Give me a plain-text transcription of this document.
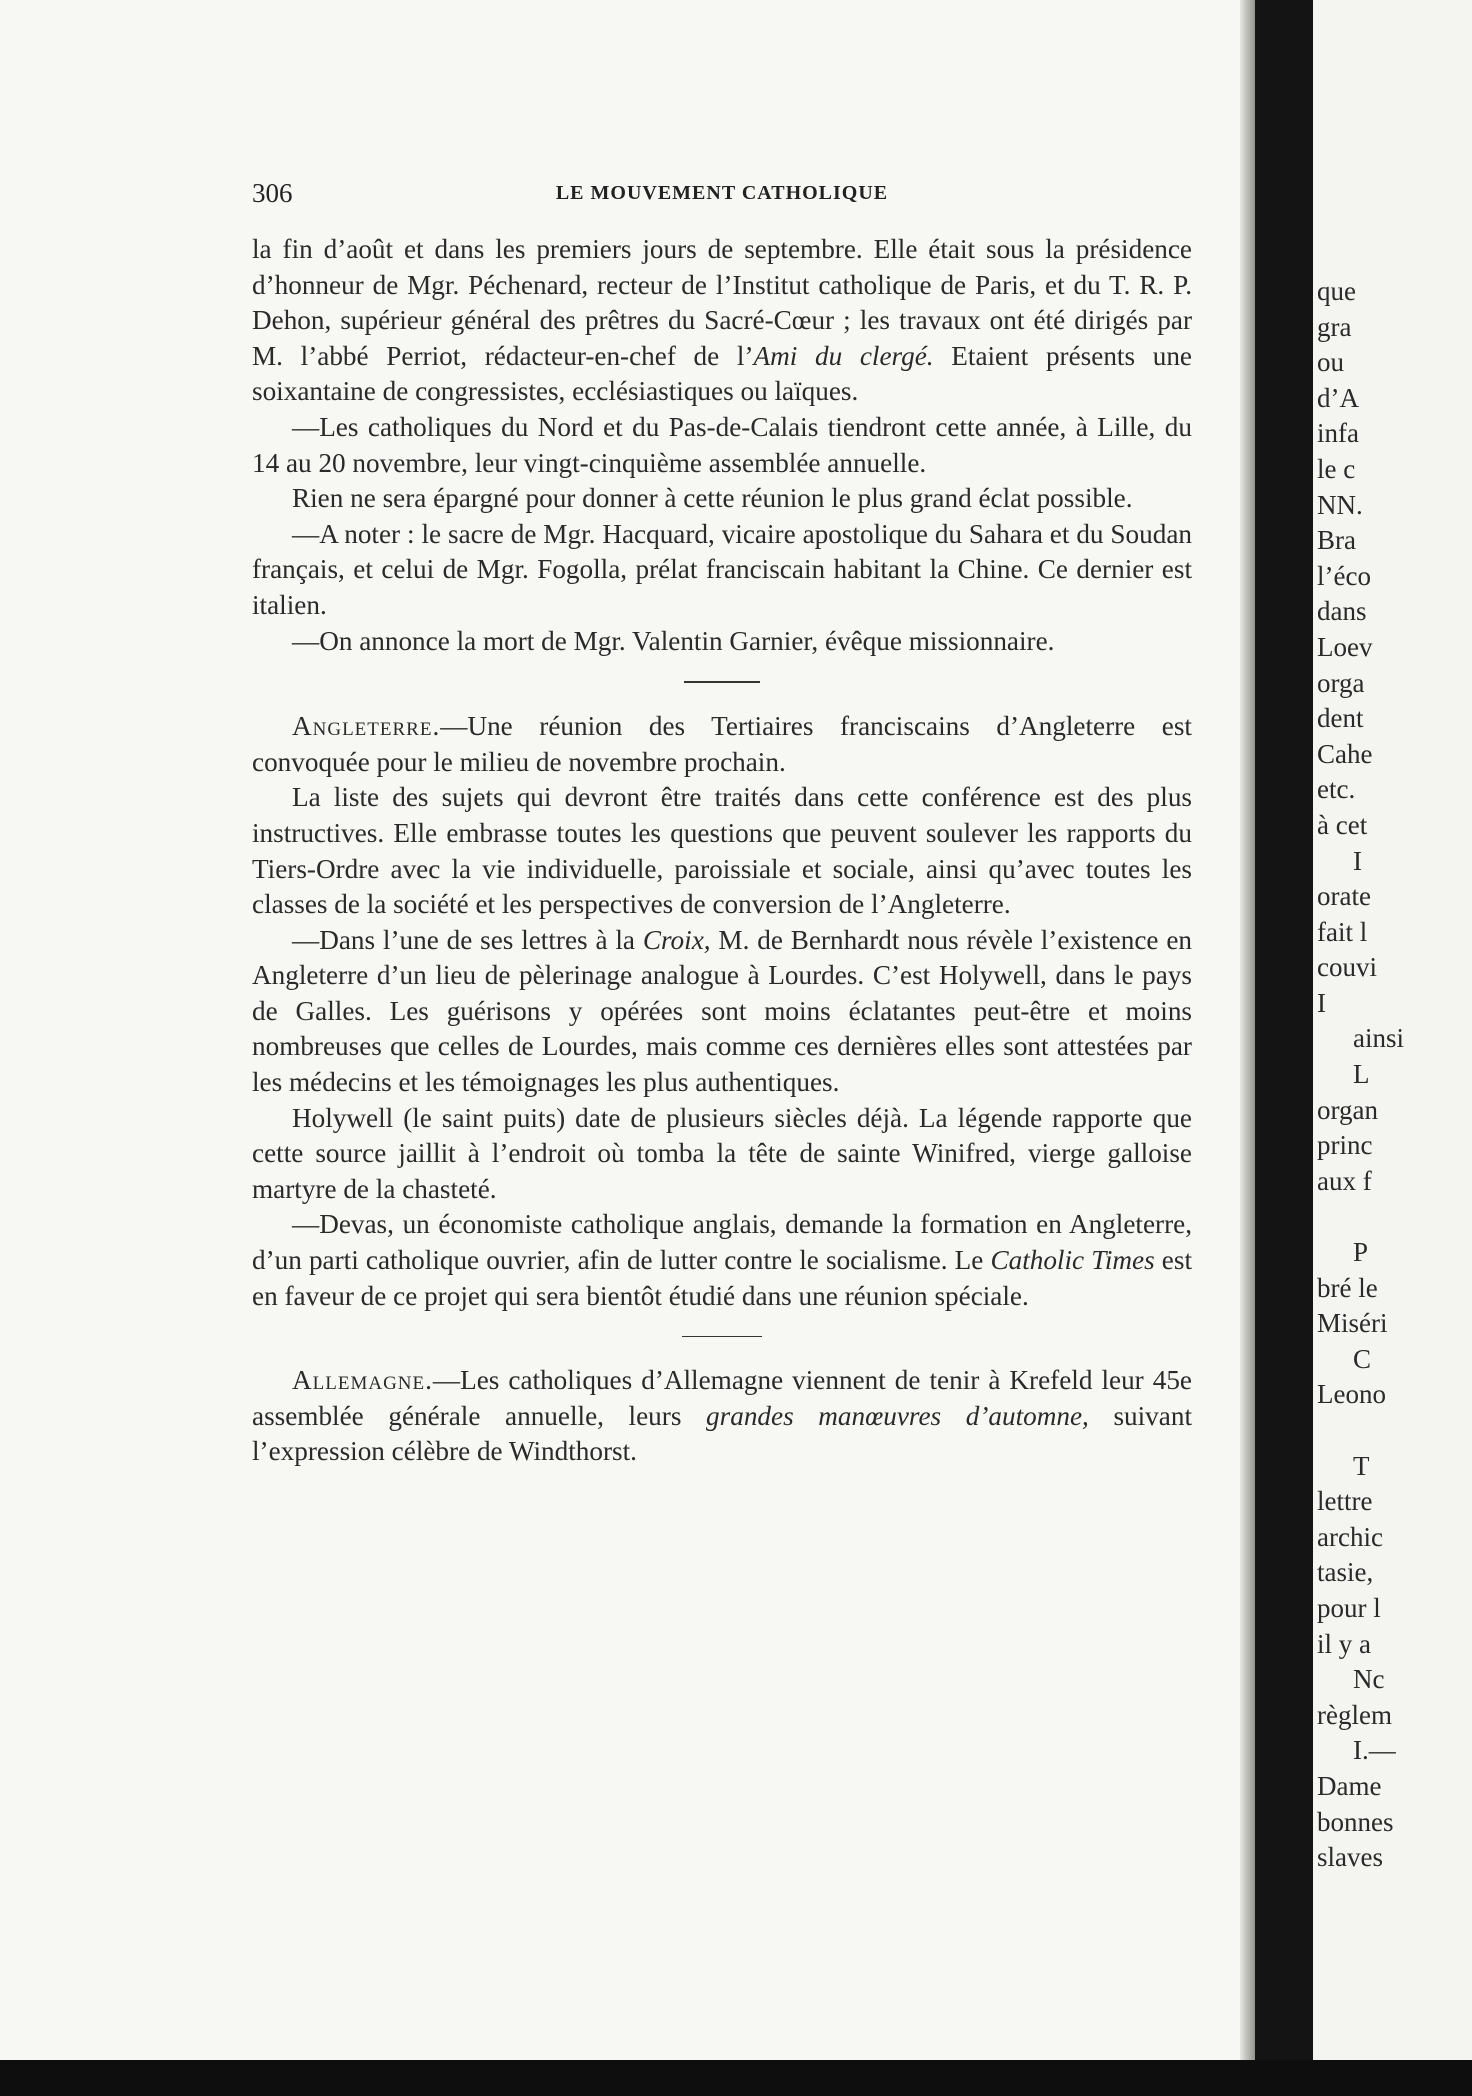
que
gra
ou
d’A
infa
le c
NN.
Bra
l’éco
dans
Loev
orga
dent
Cahe
etc.
à cet
I
orate
fait l
couvi
I
ainsi
L
organ
princ
aux f

P
bré le
Miséri
C
Leono

T
lettre
archic
tasie,
pour l
il y a
Nc
règlem
I.—
Dame
bonnes
slaves
306	LE MOUVEMENT CATHOLIQUE

la fin d’août et dans les premiers jours de septembre. Elle était sous la présidence d’honneur de Mgr. Péchenard, recteur de l’Institut catholique de Paris, et du T. R. P. Dehon, supérieur général des prêtres du Sacré-Cœur ; les travaux ont été dirigés par M. l’abbé Perriot, rédacteur-en-chef de l’Ami du clergé. Etaient présents une soixantaine de congressistes, ecclésiastiques ou laïques.

—Les catholiques du Nord et du Pas-de-Calais tiendront cette année, à Lille, du 14 au 20 novembre, leur vingt-cinquième assemblée annuelle.

Rien ne sera épargné pour donner à cette réunion le plus grand éclat possible.

—A noter : le sacre de Mgr. Hacquard, vicaire apostolique du Sahara et du Soudan français, et celui de Mgr. Fogolla, prélat franciscain habitant la Chine. Ce dernier est italien.

—On annonce la mort de Mgr. Valentin Garnier, évêque missionnaire.

Angleterre.—Une réunion des Tertiaires franciscains d’Angleterre est convoquée pour le milieu de novembre prochain.

La liste des sujets qui devront être traités dans cette conférence est des plus instructives. Elle embrasse toutes les questions que peuvent soulever les rapports du Tiers-Ordre avec la vie individuelle, paroissiale et sociale, ainsi qu’avec toutes les classes de la société et les perspectives de conversion de l’Angleterre.

—Dans l’une de ses lettres à la Croix, M. de Bernhardt nous révèle l’existence en Angleterre d’un lieu de pèlerinage analogue à Lourdes. C’est Holywell, dans le pays de Galles. Les guérisons y opérées sont moins éclatantes peut-être et moins nombreuses que celles de Lourdes, mais comme ces dernières elles sont attestées par les médecins et les témoignages les plus authentiques.

Holywell (le saint puits) date de plusieurs siècles déjà. La légende rapporte que cette source jaillit à l’endroit où tomba la tête de sainte Winifred, vierge galloise martyre de la chasteté.

—Devas, un économiste catholique anglais, demande la formation en Angleterre, d’un parti catholique ouvrier, afin de lutter contre le socialisme. Le Catholic Times est en faveur de ce projet qui sera bientôt étudié dans une réunion spéciale.

Allemagne.—Les catholiques d’Allemagne viennent de tenir à Krefeld leur 45e assemblée générale annuelle, leurs grandes manœuvres d’automne, suivant l’expression célèbre de Windthorst.
